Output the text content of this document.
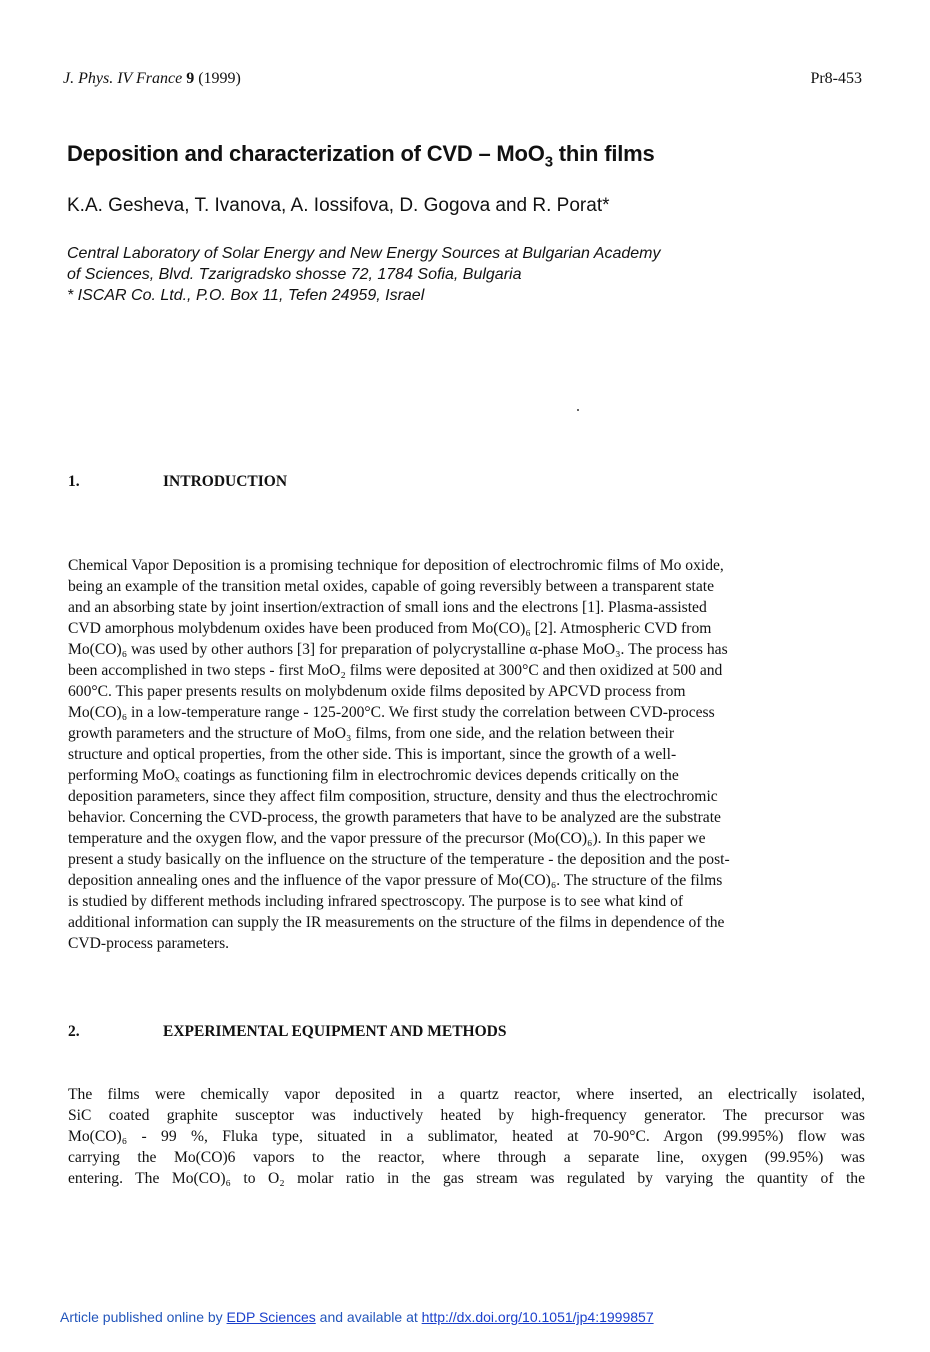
J. Phys. IV France 9 (1999)	Pr8-453
Deposition and characterization of CVD – MoO$_3$ thin films
K.A. Gesheva, T. Ivanova, A. Iossifova, D. Gogova and R. Porat*
Central Laboratory of Solar Energy and New Energy Sources at Bulgarian Academy
of Sciences, Blvd. Tzarigradsko shosse 72, 1784 Sofia, Bulgaria
* ISCAR Co. Ltd., P.O. Box 11, Tefen 24959, Israel
1.	INTRODUCTION
Chemical Vapor Deposition is a promising technique for deposition of electrochromic films of Mo oxide,
being an example of the transition metal oxides, capable of going reversibly between a transparent state
and an absorbing state by joint insertion/extraction of small ions and the electrons [1]. Plasma-assisted
CVD amorphous molybdenum oxides have been produced from Mo(CO)₆ [2]. Atmospheric CVD from
Mo(CO)₆ was used by other authors [3] for preparation of polycrystalline α-phase MoO₃. The process has
been accomplished in two steps - first MoO₂ films were deposited at 300°C and then oxidized at 500 and
600°C. This paper presents results on molybdenum oxide films deposited by APCVD process from
Mo(CO)₆ in a low-temperature range - 125-200°C. We first study the correlation between CVD-process
growth parameters and the structure of MoO₃ films, from one side, and the relation between their
structure and optical properties, from the other side. This is important, since the growth of a well-
performing MoOₓ coatings as functioning film in electrochromic devices depends critically on the
deposition parameters, since they affect film composition, structure, density and thus the electrochromic
behavior. Concerning the CVD-process, the growth parameters that have to be analyzed are the substrate
temperature and the oxygen flow, and the vapor pressure of the precursor (Mo(CO)₆). In this paper we
present a study basically on the influence on the structure of the temperature - the deposition and the post-
deposition annealing ones and the influence of the vapor pressure of Mo(CO)₆. The structure of the films
is studied by different methods including infrared spectroscopy. The purpose is to see what kind of
additional information can supply the IR measurements on the structure of the films in dependence of the
CVD-process parameters.
2.	EXPERIMENTAL EQUIPMENT AND METHODS
The films were chemically vapor deposited in a quartz reactor, where inserted, an electrically isolated,
SiC coated graphite susceptor was inductively heated by high-frequency generator. The precursor was
Mo(CO)₆ - 99 %, Fluka type, situated in a sublimator, heated at 70-90°C. Argon (99.995%) flow was
carrying the Mo(CO)6 vapors to the reactor, where through a separate line, oxygen (99.95%) was
entering. The Mo(CO)₆ to O₂ molar ratio in the gas stream was regulated by varying the quantity of the
Article published online by EDP Sciences and available at http://dx.doi.org/10.1051/jp4:1999857
